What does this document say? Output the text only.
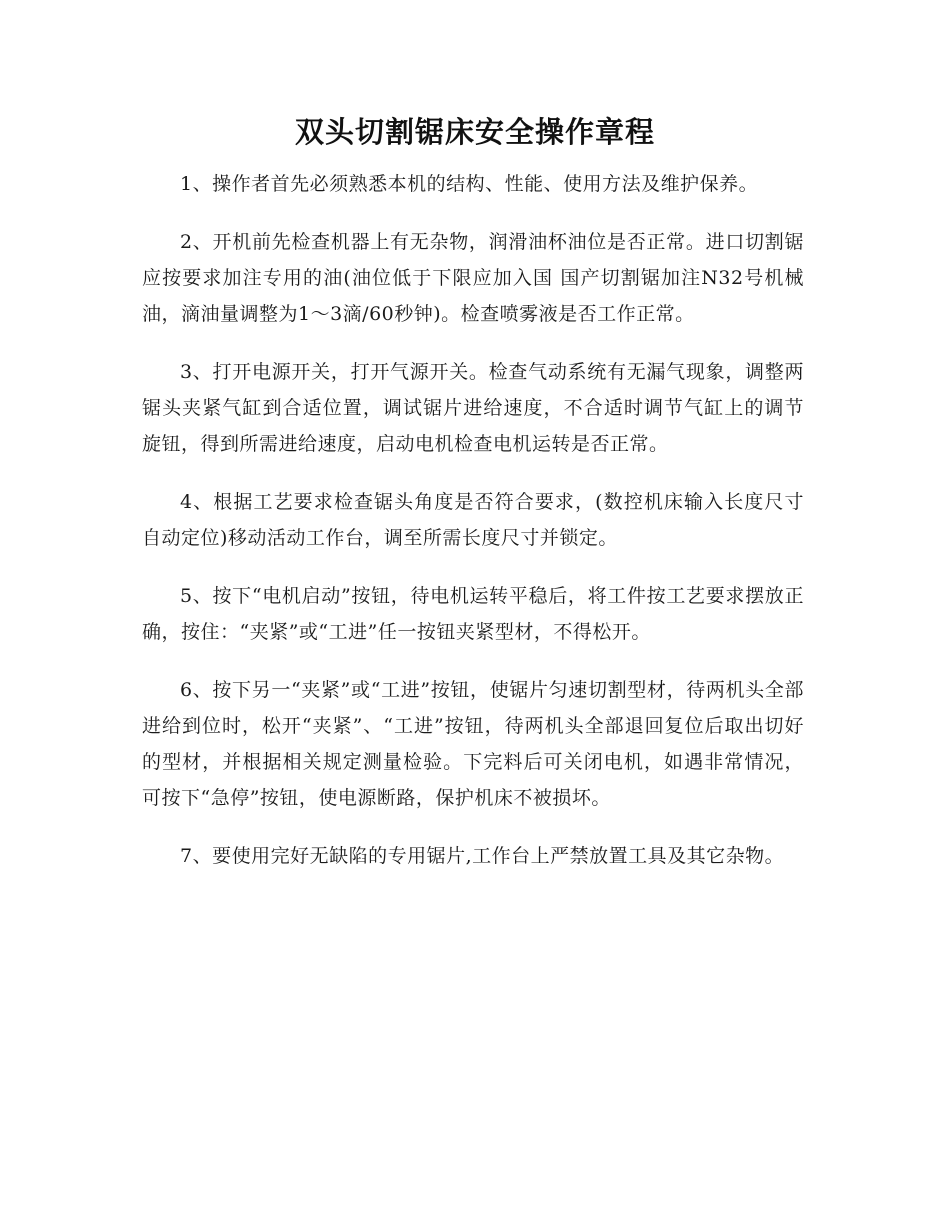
双头切割锯床安全操作章程

1、操作者首先必须熟悉本机的结构、性能、使用方法及维护保养。

2、开机前先检查机器上有无杂物，润滑油杯油位是否正常。进口切割锯应按要求加注专用的油(油位低于下限应加入国 国产切割锯加注N32号机械油，滴油量调整为1～3滴/60秒钟)。检查喷雾液是否工作正常。

3、打开电源开关，打开气源开关。检查气动系统有无漏气现象，调整两锯头夹紧气缸到合适位置，调试锯片进给速度，不合适时调节气缸上的调节旋钮，得到所需进给速度，启动电机检查电机运转是否正常。

4、根据工艺要求检查锯头角度是否符合要求，(数控机床输入长度尺寸自动定位)移动活动工作台，调至所需长度尺寸并锁定。

5、按下“电机启动”按钮，待电机运转平稳后，将工件按工艺要求摆放正确，按住：“夹紧”或“工进”任一按钮夹紧型材，不得松开。

6、按下另一“夹紧”或“工进”按钮，使锯片匀速切割型材，待两机头全部进给到位时，松开“夹紧”、“工进”按钮，待两机头全部退回复位后取出切好的型材，并根据相关规定测量检验。下完料后可关闭电机，如遇非常情况，可按下“急停”按钮，使电源断路，保护机床不被损坏。

7、要使用完好无缺陷的专用锯片,工作台上严禁放置工具及其它杂物。
